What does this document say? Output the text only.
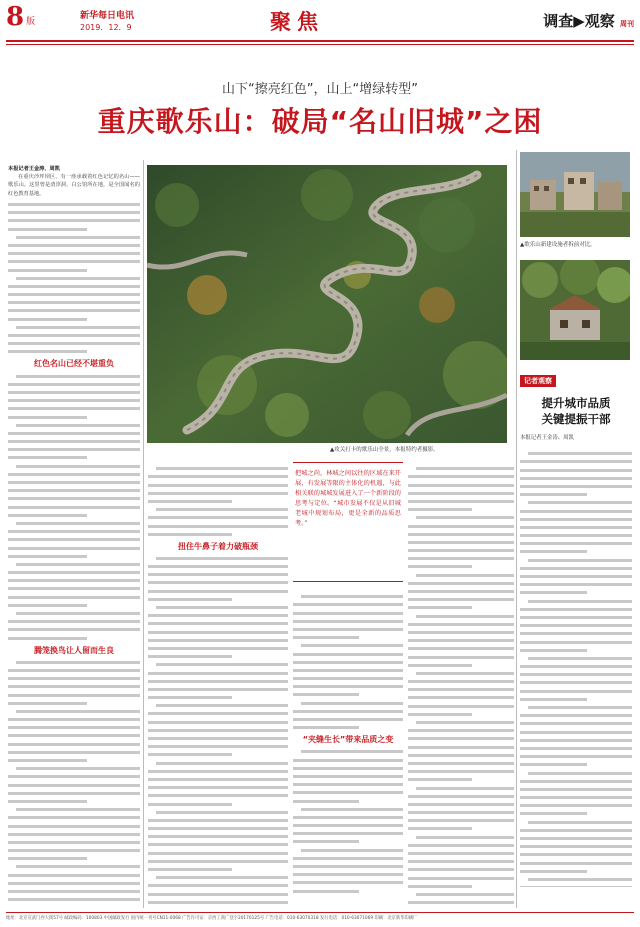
8 版
新华每日电讯
2019．12．9	聚焦	调查▶观察 周刊
山下“擦亮红色”，山上“增绿转型”
重庆歌乐山：破局“名山旧城”之困

本报记者王金涛、周凯

在重庆沙坪坝区，有一座承载着红色记忆的名山——歌乐山。这里曾是渣滓洞、白公馆所在地，是全国闻名的红色教育基地。

红色名山已经不堪重负

腾笼换鸟让人留而生良

▲攻关打卡的歌乐山全景，本报特约者摄影。

扭住牛鼻子着力破瓶颈

把城之尚，林城之间以往的区域在来开展，有发展等限的主体化的机遇，与此相关联的城城发展进入了一个新阶段的思考与定位。“城市发展不仅是从旧城老城中规划布局，更是全新的品质思考。”

“夹缝生长”带来品质之变

▲歌乐山新建设施者拆前对比。
记者观察
提升城市品质
关键提振干部
本报记者王金涛、周凯
地址：北京宣武门西大街57号 邮政编码：100803 中国邮政发行 国内统一刊号CN11-0068 广告许可证：京西工商广登字20170125号 广告电话：010-63070318 发行电话：010-63071069 印刷：北京新华印刷厂
